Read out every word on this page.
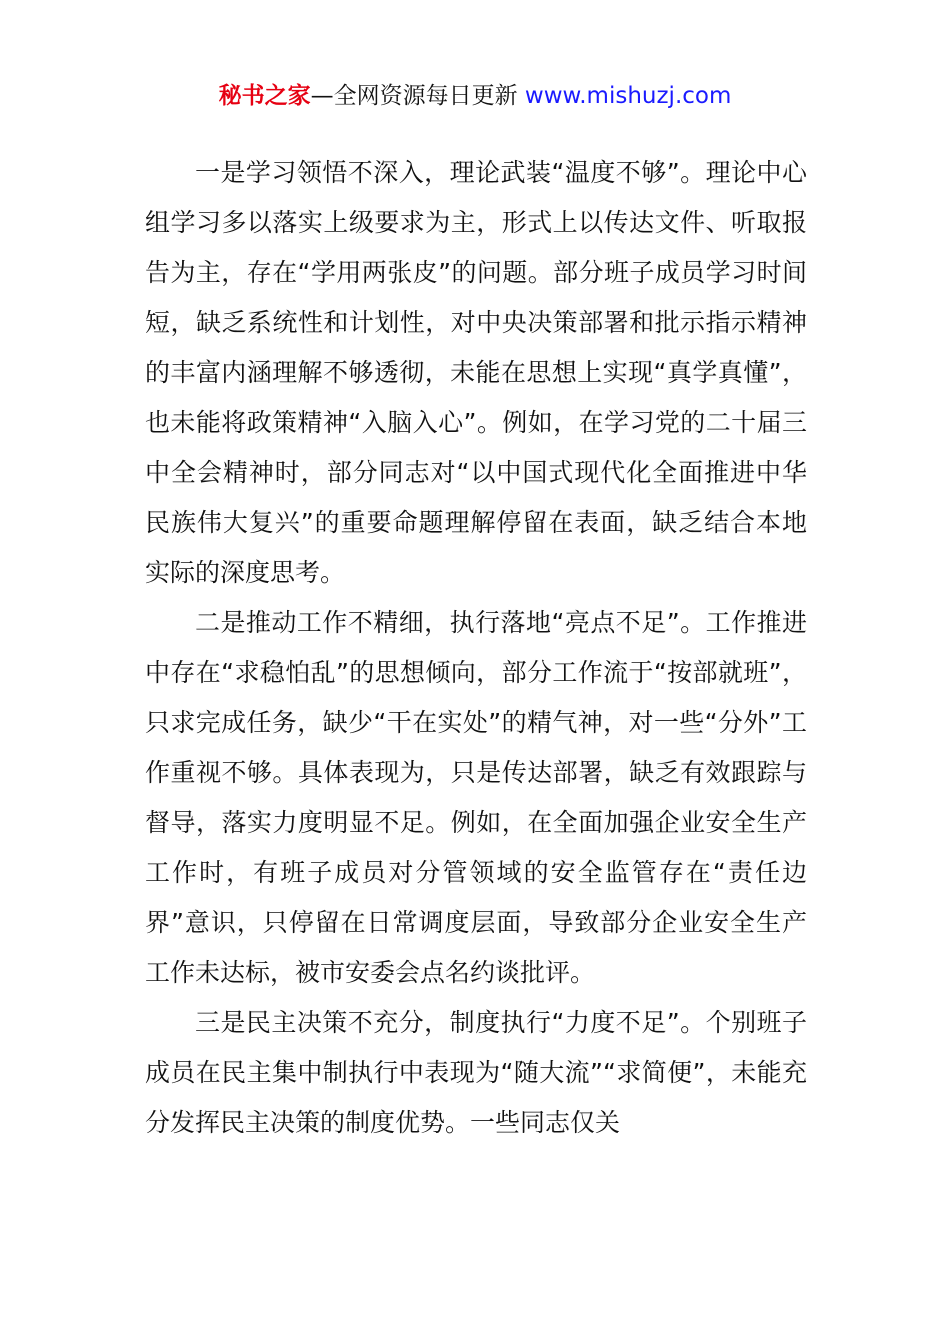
秘书之家—全网资源每日更新 www.mishuzj.com

一是学习领悟不深入，理论武装“温度不够”。理论中心组学习多以落实上级要求为主，形式上以传达文件、听取报告为主，存在“学用两张皮”的问题。部分班子成员学习时间短，缺乏系统性和计划性，对中央决策部署和批示指示精神的丰富内涵理解不够透彻，未能在思想上实现“真学真懂”，也未能将政策精神“入脑入心”。例如，在学习党的二十届三中全会精神时，部分同志对“以中国式现代化全面推进中华民族伟大复兴”的重要命题理解停留在表面，缺乏结合本地实际的深度思考。

二是推动工作不精细，执行落地“亮点不足”。工作推进中存在“求稳怕乱”的思想倾向，部分工作流于“按部就班”，只求完成任务，缺少“干在实处”的精气神，对一些“分外”工作重视不够。具体表现为，只是传达部署，缺乏有效跟踪与督导，落实力度明显不足。例如，在全面加强企业安全生产工作时，有班子成员对分管领域的安全监管存在“责任边界”意识，只停留在日常调度层面，导致部分企业安全生产工作未达标，被市安委会点名约谈批评。

三是民主决策不充分，制度执行“力度不足”。个别班子成员在民主集中制执行中表现为“随大流”“求简便”，未能充分发挥民主决策的制度优势。一些同志仅关
